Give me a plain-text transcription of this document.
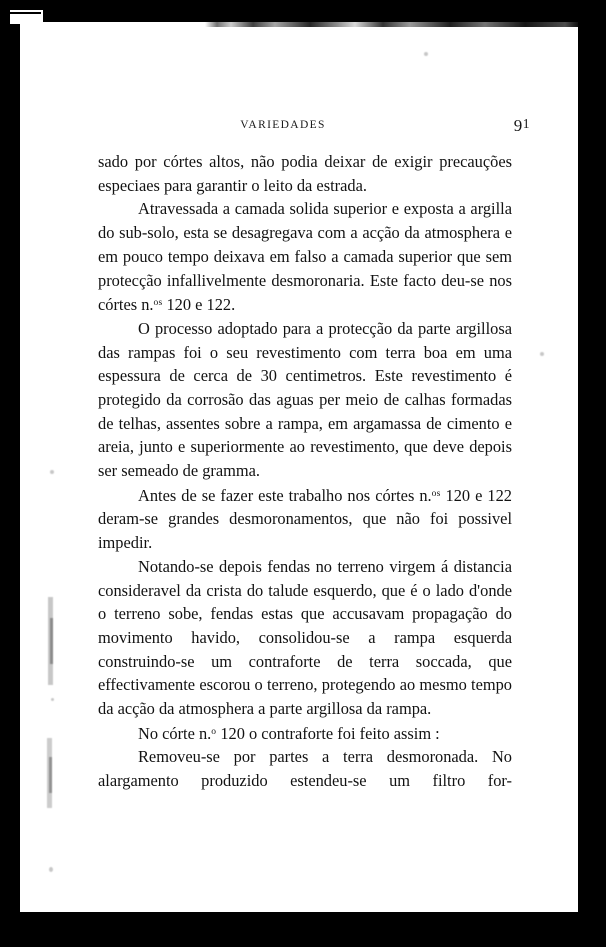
VARIEDADES	91

sado por córtes altos, não podia deixar de exigir precauções especiaes para garantir o leito da estrada.

Atravessada a camada solida superior e exposta a argilla do sub-solo, esta se desagregava com a acção da atmosphera e em pouco tempo deixava em falso a camada superior que sem protecção infallivelmente desmoronaria. Este facto deu-se nos córtes n.$^{os}$ 120 e 122.

O processo adoptado para a protecção da parte argillosa das rampas foi o seu revestimento com terra boa em uma espessura de cerca de 30 centimetros. Este revestimento é protegido da corrosão das aguas per meio de calhas formadas de telhas, assentes sobre a rampa, em argamassa de cimento e areia, junto e superiormente ao revestimento, que deve depois ser semeado de gramma.

Antes de se fazer este trabalho nos córtes n.$^{os}$ 120 e 122 deram-se grandes desmoronamentos, que não foi possivel impedir.

Notando-se depois fendas no terreno virgem á distancia consideravel da crista do talude esquerdo, que é o lado d'onde o terreno sobe, fendas estas que accusavam propagação do movimento havido, consolidou-se a rampa esquerda construindo-se um contraforte de terra soccada, que effectivamente escorou o terreno, protegendo ao mesmo tempo da acção da atmosphera a parte argillosa da rampa.

No córte n.$^o$ 120 o contraforte foi feito assim :

Removeu-se por partes a terra desmoronada. No alargamento produzido estendeu-se um filtro for-
